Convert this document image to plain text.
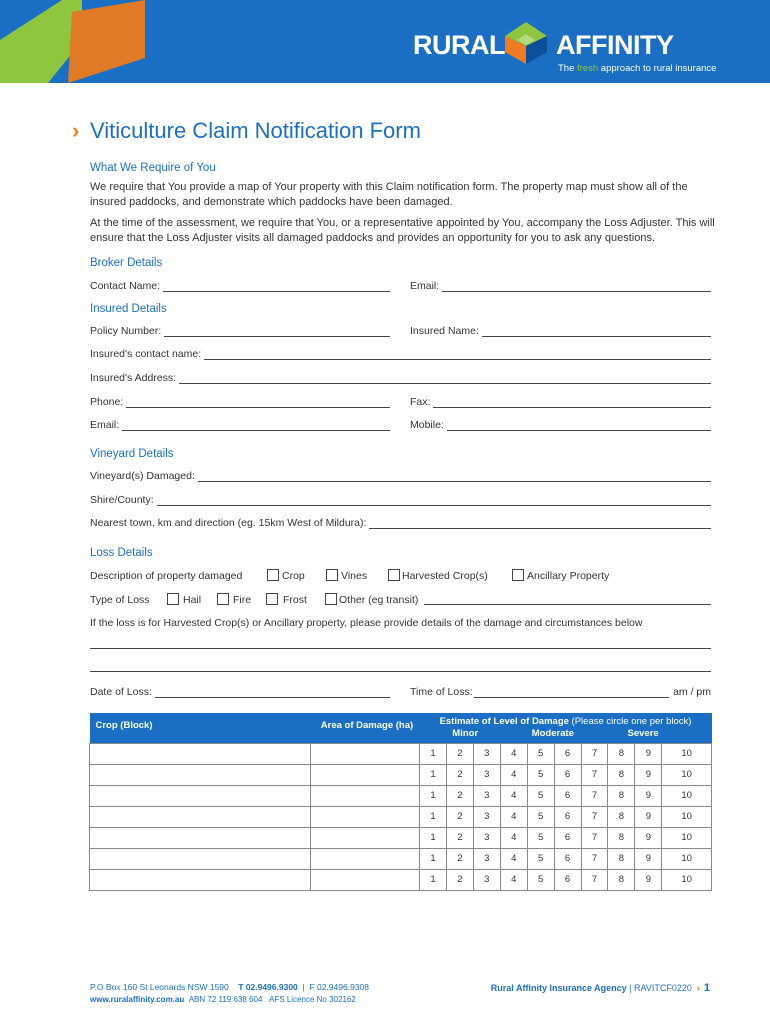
RURAL AFFINITY
The fresh approach to rural insurance
› Viticulture Claim Notification Form
What We Require of You
We require that You provide a map of Your property with this Claim notification form. The property map must show all of the insured paddocks, and demonstrate which paddocks have been damaged.
At the time of the assessment, we require that You, or a representative appointed by You, accompany the Loss Adjuster. This will ensure that the Loss Adjuster visits all damaged paddocks and provides an opportunity for you to ask any questions.
Broker Details
Contact Name:	Email:
Insured Details
Policy Number:	Insured Name:
Insured's contact name:
Insured's Address:
Phone:	Fax:
Email:	Mobile:
Vineyard Details
Vineyard(s) Damaged:
Shire/County:
Nearest town, km and direction (eg. 15km West of Mildura):
Loss Details
Description of property damaged	Crop	Vines	Harvested Crop(s)	Ancillary Property
Type of Loss	Hail	Fire	Frost	Other (eg transit)
If the loss is for Harvested Crop(s) or Ancillary property, please provide details of the damage and circumstances below
Date of Loss:	Time of Loss:	am / pm
Crop (Block)	Area of Damage (ha)	Estimate of Level of Damage (Please circle one per block)
Minor Moderate Severe									

		1	2	3	4	5	6	7	8	9	10
		1	2	3	4	5	6	7	8	9	10
		1	2	3	4	5	6	7	8	9	10
		1	2	3	4	5	6	7	8	9	10
		1	2	3	4	5	6	7	8	9	10
		1	2	3	4	5	6	7	8	9	10
		1	2	3	4	5	6	7	8	9	10
P.O Box 160 St Leonards NSW 1590 T 02.9496.9300  |  F 02.9496.9308
www.ruralaffinity.com.au ABN 72 119 638 604 AFS Licence No 302162
Rural Affinity Insurance Agency | RAVITCF0220 › 1
